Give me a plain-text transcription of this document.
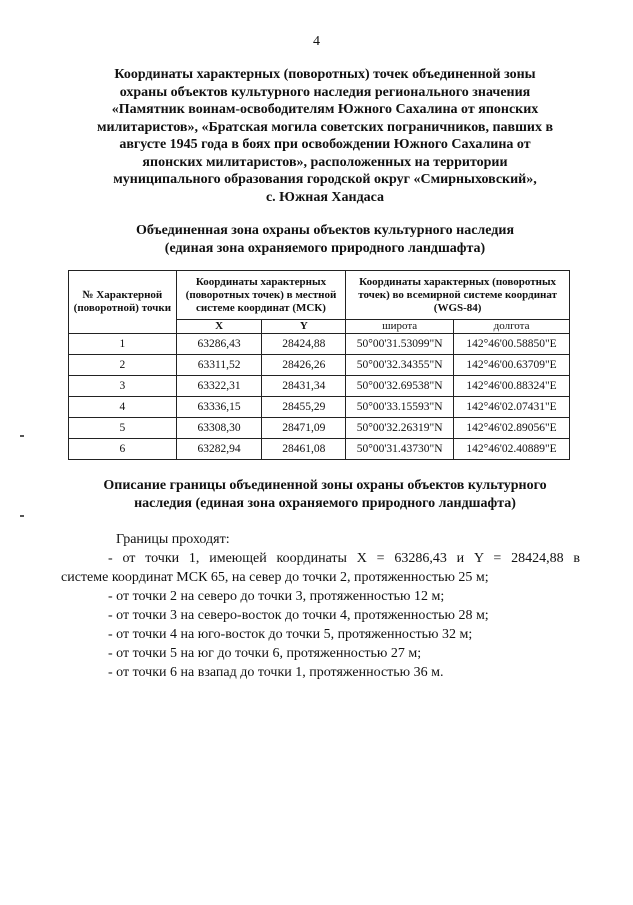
4
Координаты характерных (поворотных) точек объединенной зоны
охраны объектов культурного наследия регионального значения
«Памятник воинам-освободителям Южного Сахалина от японских
милитаристов», «Братская могила советских пограничников, павших в
августе 1945 года в боях при освобождении Южного Сахалина от
японских милитаристов», расположенных на территории
муниципального образования городской округ «Смирныховский»,
с. Южная Хандаса
Объединенная зона охраны объектов культурного наследия
(единая зона охраняемого природного ландшафта)
№ Характерной (поворотной) точки	Координаты характерных (поворотных точек) в местной системе координат (МСК)		Координаты характерных (поворотных точек) во всемирной системе координат (WGS-84)	
	X	Y	широта	долгота
1	63286,43	28424,88	50°00'31.53099"N	142°46'00.58850"E
2	63311,52	28426,26	50°00'32.34355"N	142°46'00.63709"E
3	63322,31	28431,34	50°00'32.69538"N	142°46'00.88324"E
4	63336,15	28455,29	50°00'33.15593"N	142°46'02.07431"E
5	63308,30	28471,09	50°00'32.26319"N	142°46'02.89056"E
6	63282,94	28461,08	50°00'31.43730"N	142°46'02.40889"E
Описание границы объединенной зоны охраны объектов культурного
наследия (единая зона охраняемого природного ландшафта)
Границы проходят:
- от точки 1, имеющей координаты X = 63286,43 и Y = 28424,88 в
системе координат МСК 65, на север до точки 2, протяженностью 25 м;
- от точки 2 на северо до точки 3, протяженностью 12 м;
- от точки 3 на северо-восток до точки 4, протяженностью 28 м;
- от точки 4 на юго-восток до точки 5, протяженностью 32 м;
- от точки 5 на юг до точки 6, протяженностью 27 м;
- от точки 6 на взапад до точки 1, протяженностью 36 м.
